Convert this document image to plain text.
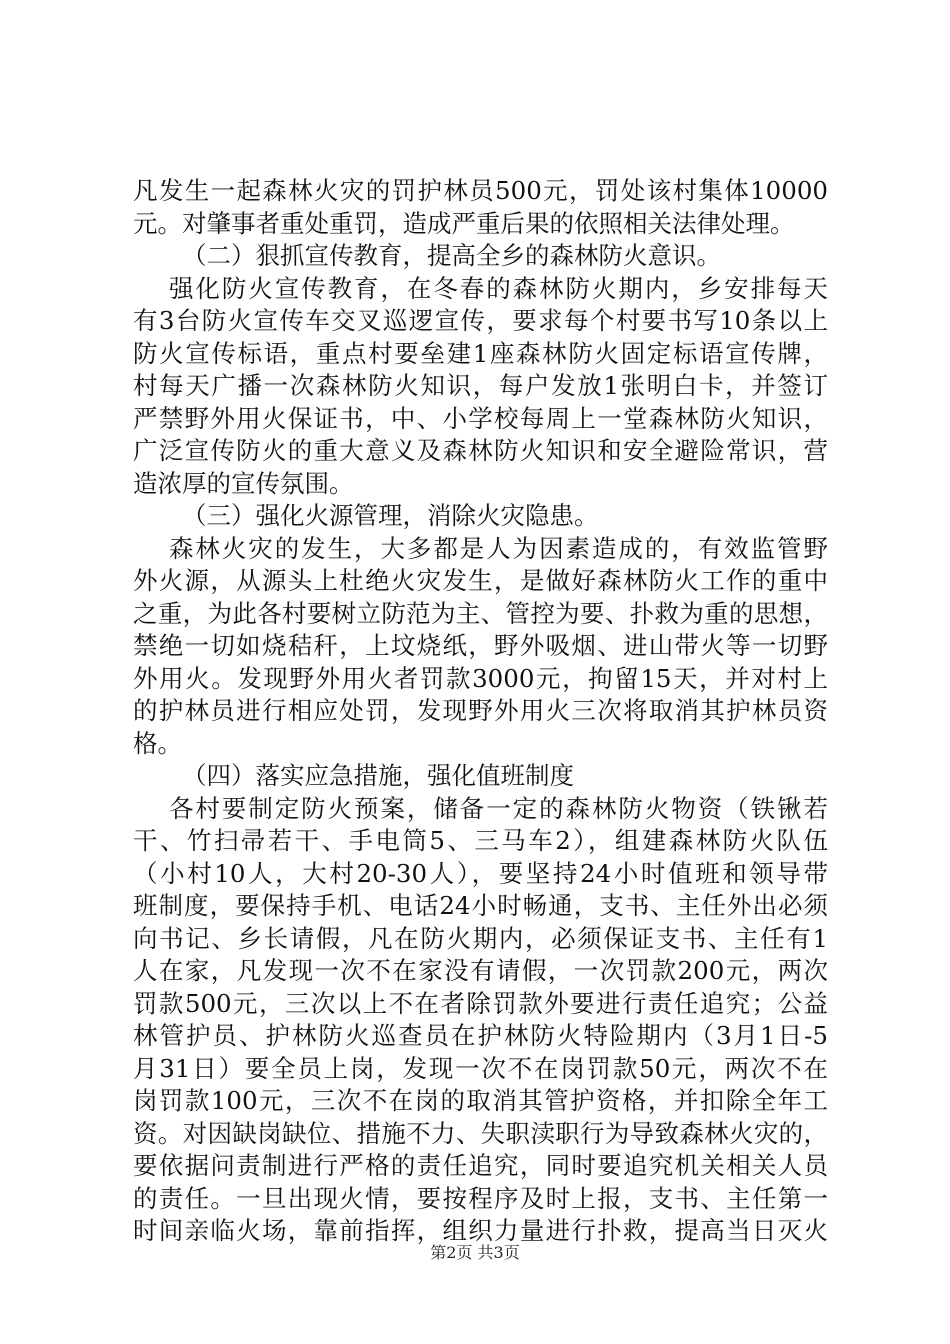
凡发生一起森林火灾的罚护林员500元，罚处该村集体10000
元。对肇事者重处重罚，造成严重后果的依照相关法律处理。
（二）狠抓宣传教育，提高全乡的森林防火意识。
强化防火宣传教育，在冬春的森林防火期内，乡安排每天
有3台防火宣传车交叉巡逻宣传，要求每个村要书写10条以上
防火宣传标语，重点村要垒建1座森林防火固定标语宣传牌，
村每天广播一次森林防火知识，每户发放1张明白卡，并签订
严禁野外用火保证书，中、小学校每周上一堂森林防火知识，
广泛宣传防火的重大意义及森林防火知识和安全避险常识，营
造浓厚的宣传氛围。
（三）强化火源管理，消除火灾隐患。
森林火灾的发生，大多都是人为因素造成的，有效监管野
外火源，从源头上杜绝火灾发生，是做好森林防火工作的重中
之重，为此各村要树立防范为主、管控为要、扑救为重的思想，
禁绝一切如烧秸秆，上坟烧纸，野外吸烟、进山带火等一切野
外用火。发现野外用火者罚款3000元，拘留15天，并对村上
的护林员进行相应处罚，发现野外用火三次将取消其护林员资
格。
（四）落实应急措施，强化值班制度
各村要制定防火预案，储备一定的森林防火物资（铁锹若
干、竹扫帚若干、手电筒5、三马车2），组建森林防火队伍
（小村10人，大村20-30人），要坚持24小时值班和领导带
班制度，要保持手机、电话24小时畅通，支书、主任外出必须
向书记、乡长请假，凡在防火期内，必须保证支书、主任有1
人在家，凡发现一次不在家没有请假，一次罚款200元，两次
罚款500元，三次以上不在者除罚款外要进行责任追究；公益
林管护员、护林防火巡查员在护林防火特险期内（3月1日-5
月31日）要全员上岗，发现一次不在岗罚款50元，两次不在
岗罚款100元，三次不在岗的取消其管护资格，并扣除全年工
资。对因缺岗缺位、措施不力、失职渎职行为导致森林火灾的，
要依据问责制进行严格的责任追究，同时要追究机关相关人员
的责任。一旦出现火情，要按程序及时上报，支书、主任第一
时间亲临火场，靠前指挥，组织力量进行扑救，提高当日灭火
第2页 共3页
